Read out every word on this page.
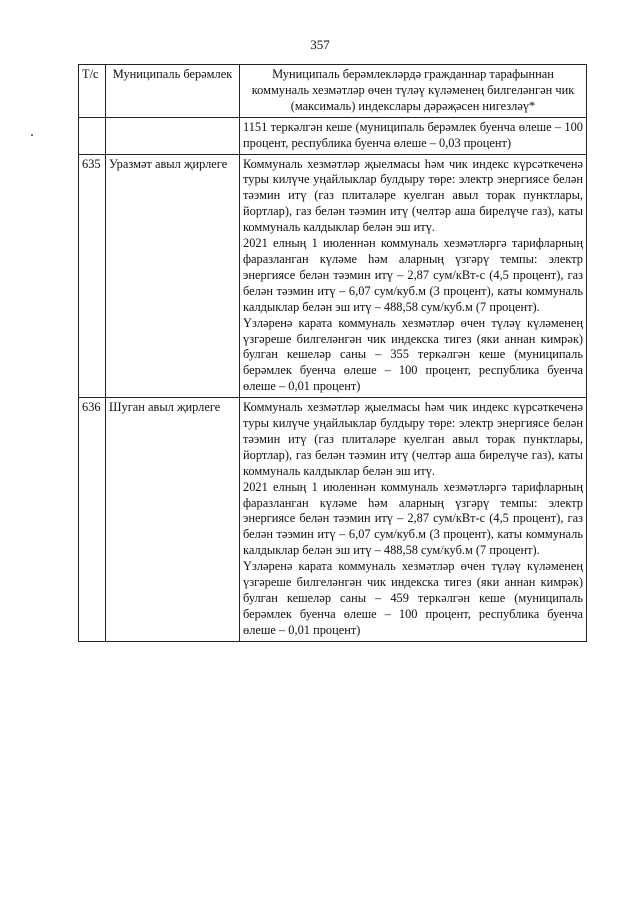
357
Т/с	Муниципаль берәмлек	Муниципаль берәмлекләрдә гражданнар тарафыннан коммуналь хезмәтләр өчен түләү күләменең билгеләнгән чик (максималь) индекслары дәрәҗәсен нигезләү*

		1151 теркәлгән кеше (муниципаль берәмлек буенча өлеше – 100 процент, республика буенча өлеше – 0,03 процент)

635	Уразмәт авыл җирлеге	Коммуналь хезмәтләр җыелмасы һәм чик индекс күрсәткеченә туры килүче уңайлыклар булдыру төре: электр энергиясе белән тәэмин итү (газ плиталәре куелган авыл торак пунктлары, йортлар), газ белән тәэмин итү (челтәр аша бирелүче газ), каты коммуналь калдыклар белән эш итү.

2021 елның 1 июленнән коммуналь хезмәтләргә тарифларның фаразланган күләме һәм аларның үзгәрү темпы: электр энергиясе белән тәэмин итү – 2,87 сум/кВт-с (4,5 процент), газ белән тәэмин итү – 6,07 сум/куб.м (3 процент), каты коммуналь калдыклар белән эш итү – 488,58 сум/куб.м (7 процент).

Үзләренә карата коммуналь хезмәтләр өчен түләү күләменең үзгәреше билгеләнгән чик индекска тигез (яки аннан кимрәк) булган кешеләр саны – 355 теркәлгән кеше (муниципаль берәмлек буенча өлеше – 100 процент, республика буенча өлеше – 0,01 процент)

636	Шуган авыл җирлеге	Коммуналь хезмәтләр җыелмасы һәм чик индекс күрсәткеченә туры килүче уңайлыклар булдыру төре: электр энергиясе белән тәэмин итү (газ плиталәре куелган авыл торак пунктлары, йортлар), газ белән тәэмин итү (челтәр аша бирелүче газ), каты коммуналь калдыклар белән эш итү.

2021 елның 1 июленнән коммуналь хезмәтләргә тарифларның фаразланган күләме һәм аларның үзгәрү темпы: электр энергиясе белән тәэмин итү – 2,87 сум/кВт-с (4,5 процент), газ белән тәэмин итү – 6,07 сум/куб.м (3 процент), каты коммуналь калдыклар белән эш итү – 488,58 сум/куб.м (7 процент).

Үзләренә карата коммуналь хезмәтләр өчен түләү күләменең үзгәреше билгеләнгән чик индекска тигез (яки аннан кимрәк) булган кешеләр саны – 459 теркәлгән кеше (муниципаль берәмлек буенча өлеше – 100 процент, республика буенча өлеше – 0,01 процент)
